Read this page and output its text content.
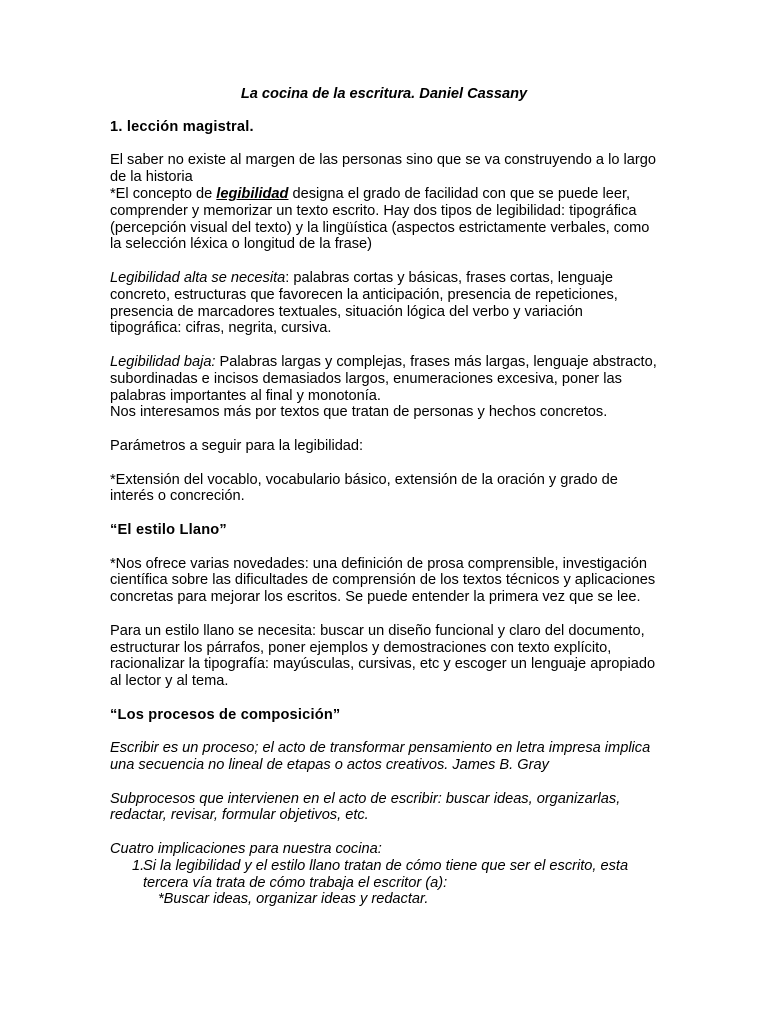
La cocina de la escritura. Daniel Cassany
1. lección magistral.

El saber no existe al margen de las personas sino que se va construyendo a lo largo de la historia

*El concepto de legibilidad designa el grado de facilidad con que se puede leer, comprender y memorizar un texto escrito. Hay dos tipos de legibilidad: tipográfica (percepción visual del texto) y la lingüística (aspectos estrictamente verbales, como la selección léxica o longitud de la frase)

Legibilidad alta se necesita: palabras cortas y básicas, frases cortas, lenguaje concreto, estructuras que favorecen la anticipación, presencia de repeticiones, presencia de marcadores textuales, situación lógica del verbo y variación tipográfica: cifras, negrita, cursiva.

Legibilidad baja: Palabras largas y complejas, frases más largas, lenguaje abstracto, subordinadas e incisos demasiados largos, enumeraciones excesiva, poner las palabras importantes al final y monotonía.

Nos interesamos más por textos que tratan de personas y hechos concretos.

Parámetros a seguir para la legibilidad:

*Extensión del vocablo, vocabulario básico, extensión de la oración y grado de interés o concreción.

“El estilo Llano”

*Nos ofrece varias novedades: una definición de prosa comprensible, investigación científica sobre las dificultades de comprensión de los textos técnicos y aplicaciones concretas para mejorar los escritos. Se puede entender la primera vez que se lee.

Para un estilo llano se necesita: buscar un diseño funcional y claro del documento, estructurar los párrafos, poner ejemplos y demostraciones con texto explícito, racionalizar la tipografía: mayúsculas, cursivas, etc y escoger un lenguaje apropiado al lector y al tema.

“Los procesos de composición”

Escribir es un proceso; el acto de transformar pensamiento en letra impresa implica una secuencia no lineal de etapas o actos creativos. James B. Gray

Subprocesos que intervienen en el acto de escribir: buscar ideas, organizarlas, redactar, revisar, formular objetivos, etc.

Cuatro implicaciones para nuestra cocina:

1.
Si la legibilidad y el estilo llano tratan de cómo tiene que ser el escrito, esta tercera vía trata de cómo trabaja el escritor (a):
*Buscar ideas, organizar ideas y redactar.
